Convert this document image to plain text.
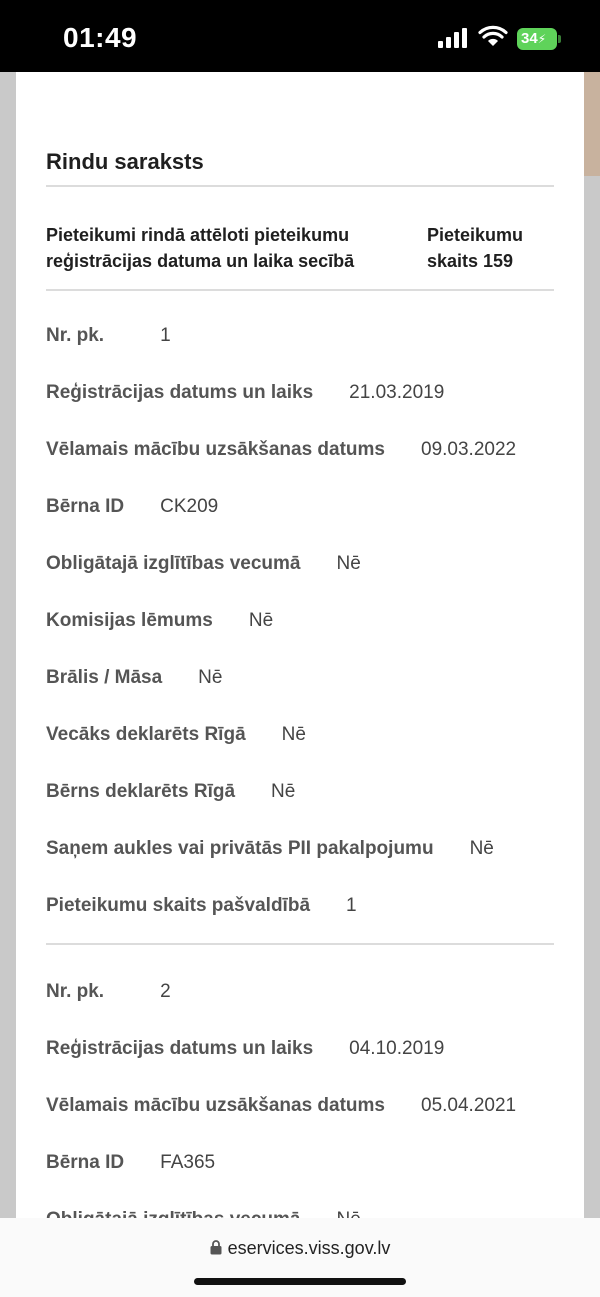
01:49	34⚡
Rindu saraksts
Pieteikumi rindā attēloti pieteikumu reģistrācijas datuma un laika secībā
Pieteikumu skaits 159
Nr. pk.	1
Reģistrācijas datums un laiks 21.03.2019
Vēlamais mācību uzsākšanas datums 09.03.2022
Bērna ID CK209
Obligātajā izglītības vecumā Nē
Komisijas lēmums Nē
Brālis / Māsa Nē
Vecāks deklarēts Rīgā Nē
Bērns deklarēts Rīgā Nē
Saņem aukles vai privātās PII pakalpojumu Nē
Pieteikumu skaits pašvaldībā 1
Nr. pk.	2
Reģistrācijas datums un laiks 04.10.2019
Vēlamais mācību uzsākšanas datums 05.04.2021
Bērna ID FA365
eservices.viss.gov.lv
